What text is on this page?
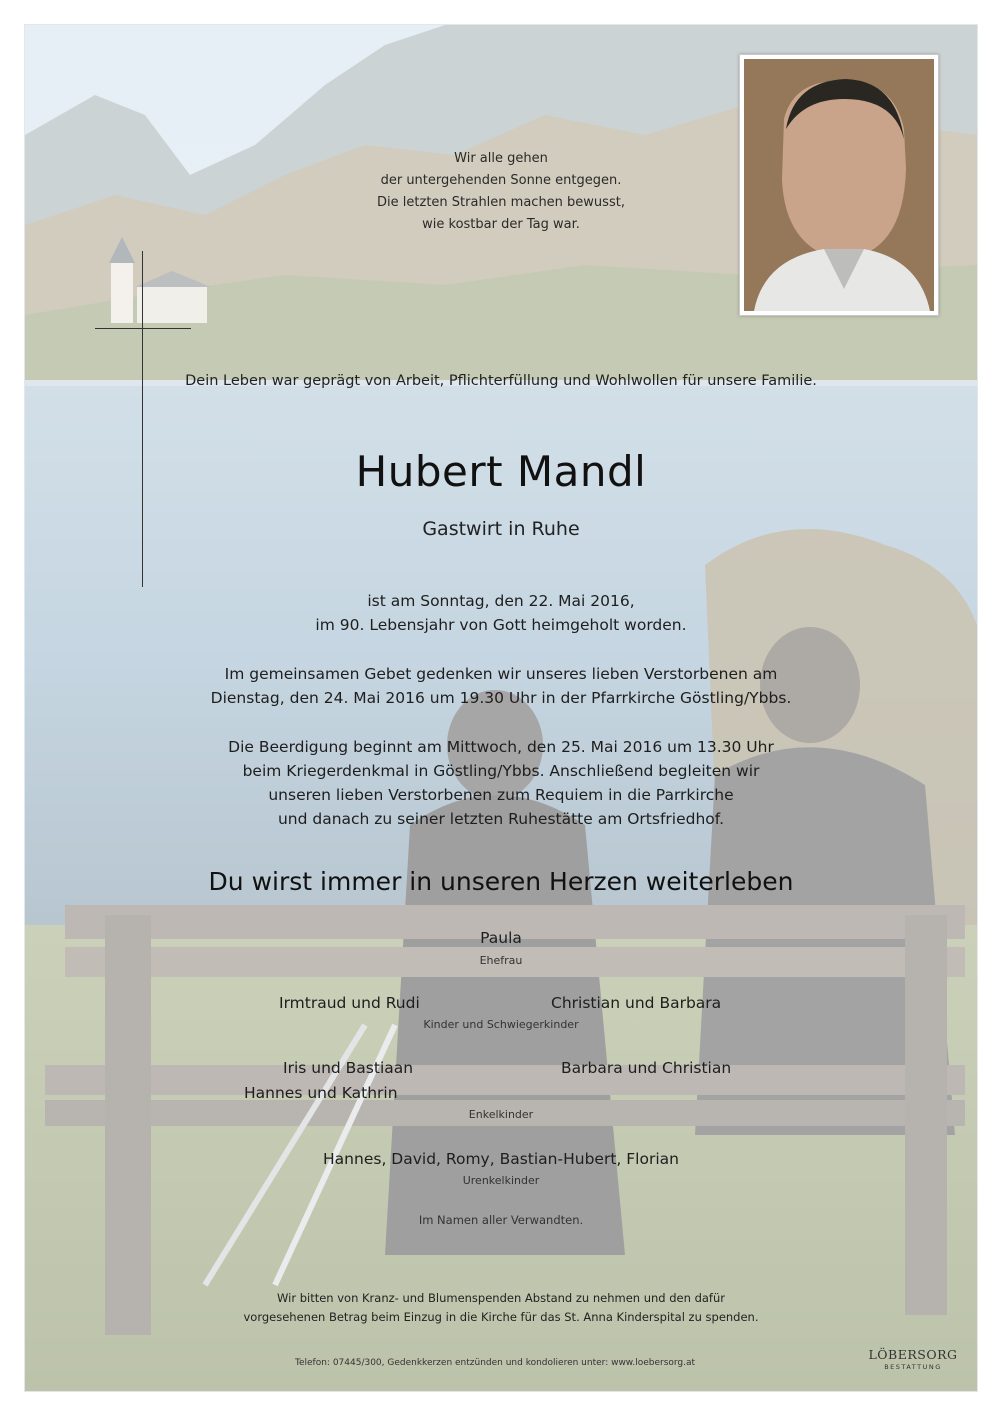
Wir alle gehen
der untergehenden Sonne entgegen.
Die letzten Strahlen machen bewusst,
wie kostbar der Tag war.
Dein Leben war geprägt von Arbeit, Pflichterfüllung und Wohlwollen für unsere Familie.
Hubert Mandl
Gastwirt in Ruhe
ist am Sonntag, den 22. Mai 2016,
im 90. Lebensjahr von Gott heimgeholt worden.
Im gemeinsamen Gebet gedenken wir unseres lieben Verstorbenen am
Dienstag, den 24. Mai 2016 um 19.30 Uhr in der Pfarrkirche Göstling/Ybbs.
Die Beerdigung beginnt am Mittwoch, den 25. Mai 2016 um 13.30 Uhr
beim Kriegerdenkmal in Göstling/Ybbs. Anschließend begleiten wir
unseren lieben Verstorbenen zum Requiem in die Parrkirche
und danach zu seiner letzten Ruhestätte am Ortsfriedhof.
Du wirst immer in unseren Herzen weiterleben
Paula
Ehefrau
Irmtraud und Rudi	Christian und Barbara
Kinder und Schwiegerkinder
Iris und Bastiaan
Hannes und Kathrin
Barbara und Christian
Enkelkinder
Hannes, David, Romy, Bastian-Hubert, Florian
Urenkelkinder
Im Namen aller Verwandten.
Wir bitten von Kranz- und Blumenspenden Abstand zu nehmen und den dafür
vorgesehenen Betrag beim Einzug in die Kirche für das St. Anna Kinderspital zu spenden.
Telefon: 07445/300, Gedenkkerzen entzünden und kondolieren unter: www.loebersorg.at
LÖBERSORG
BESTATTUNG
